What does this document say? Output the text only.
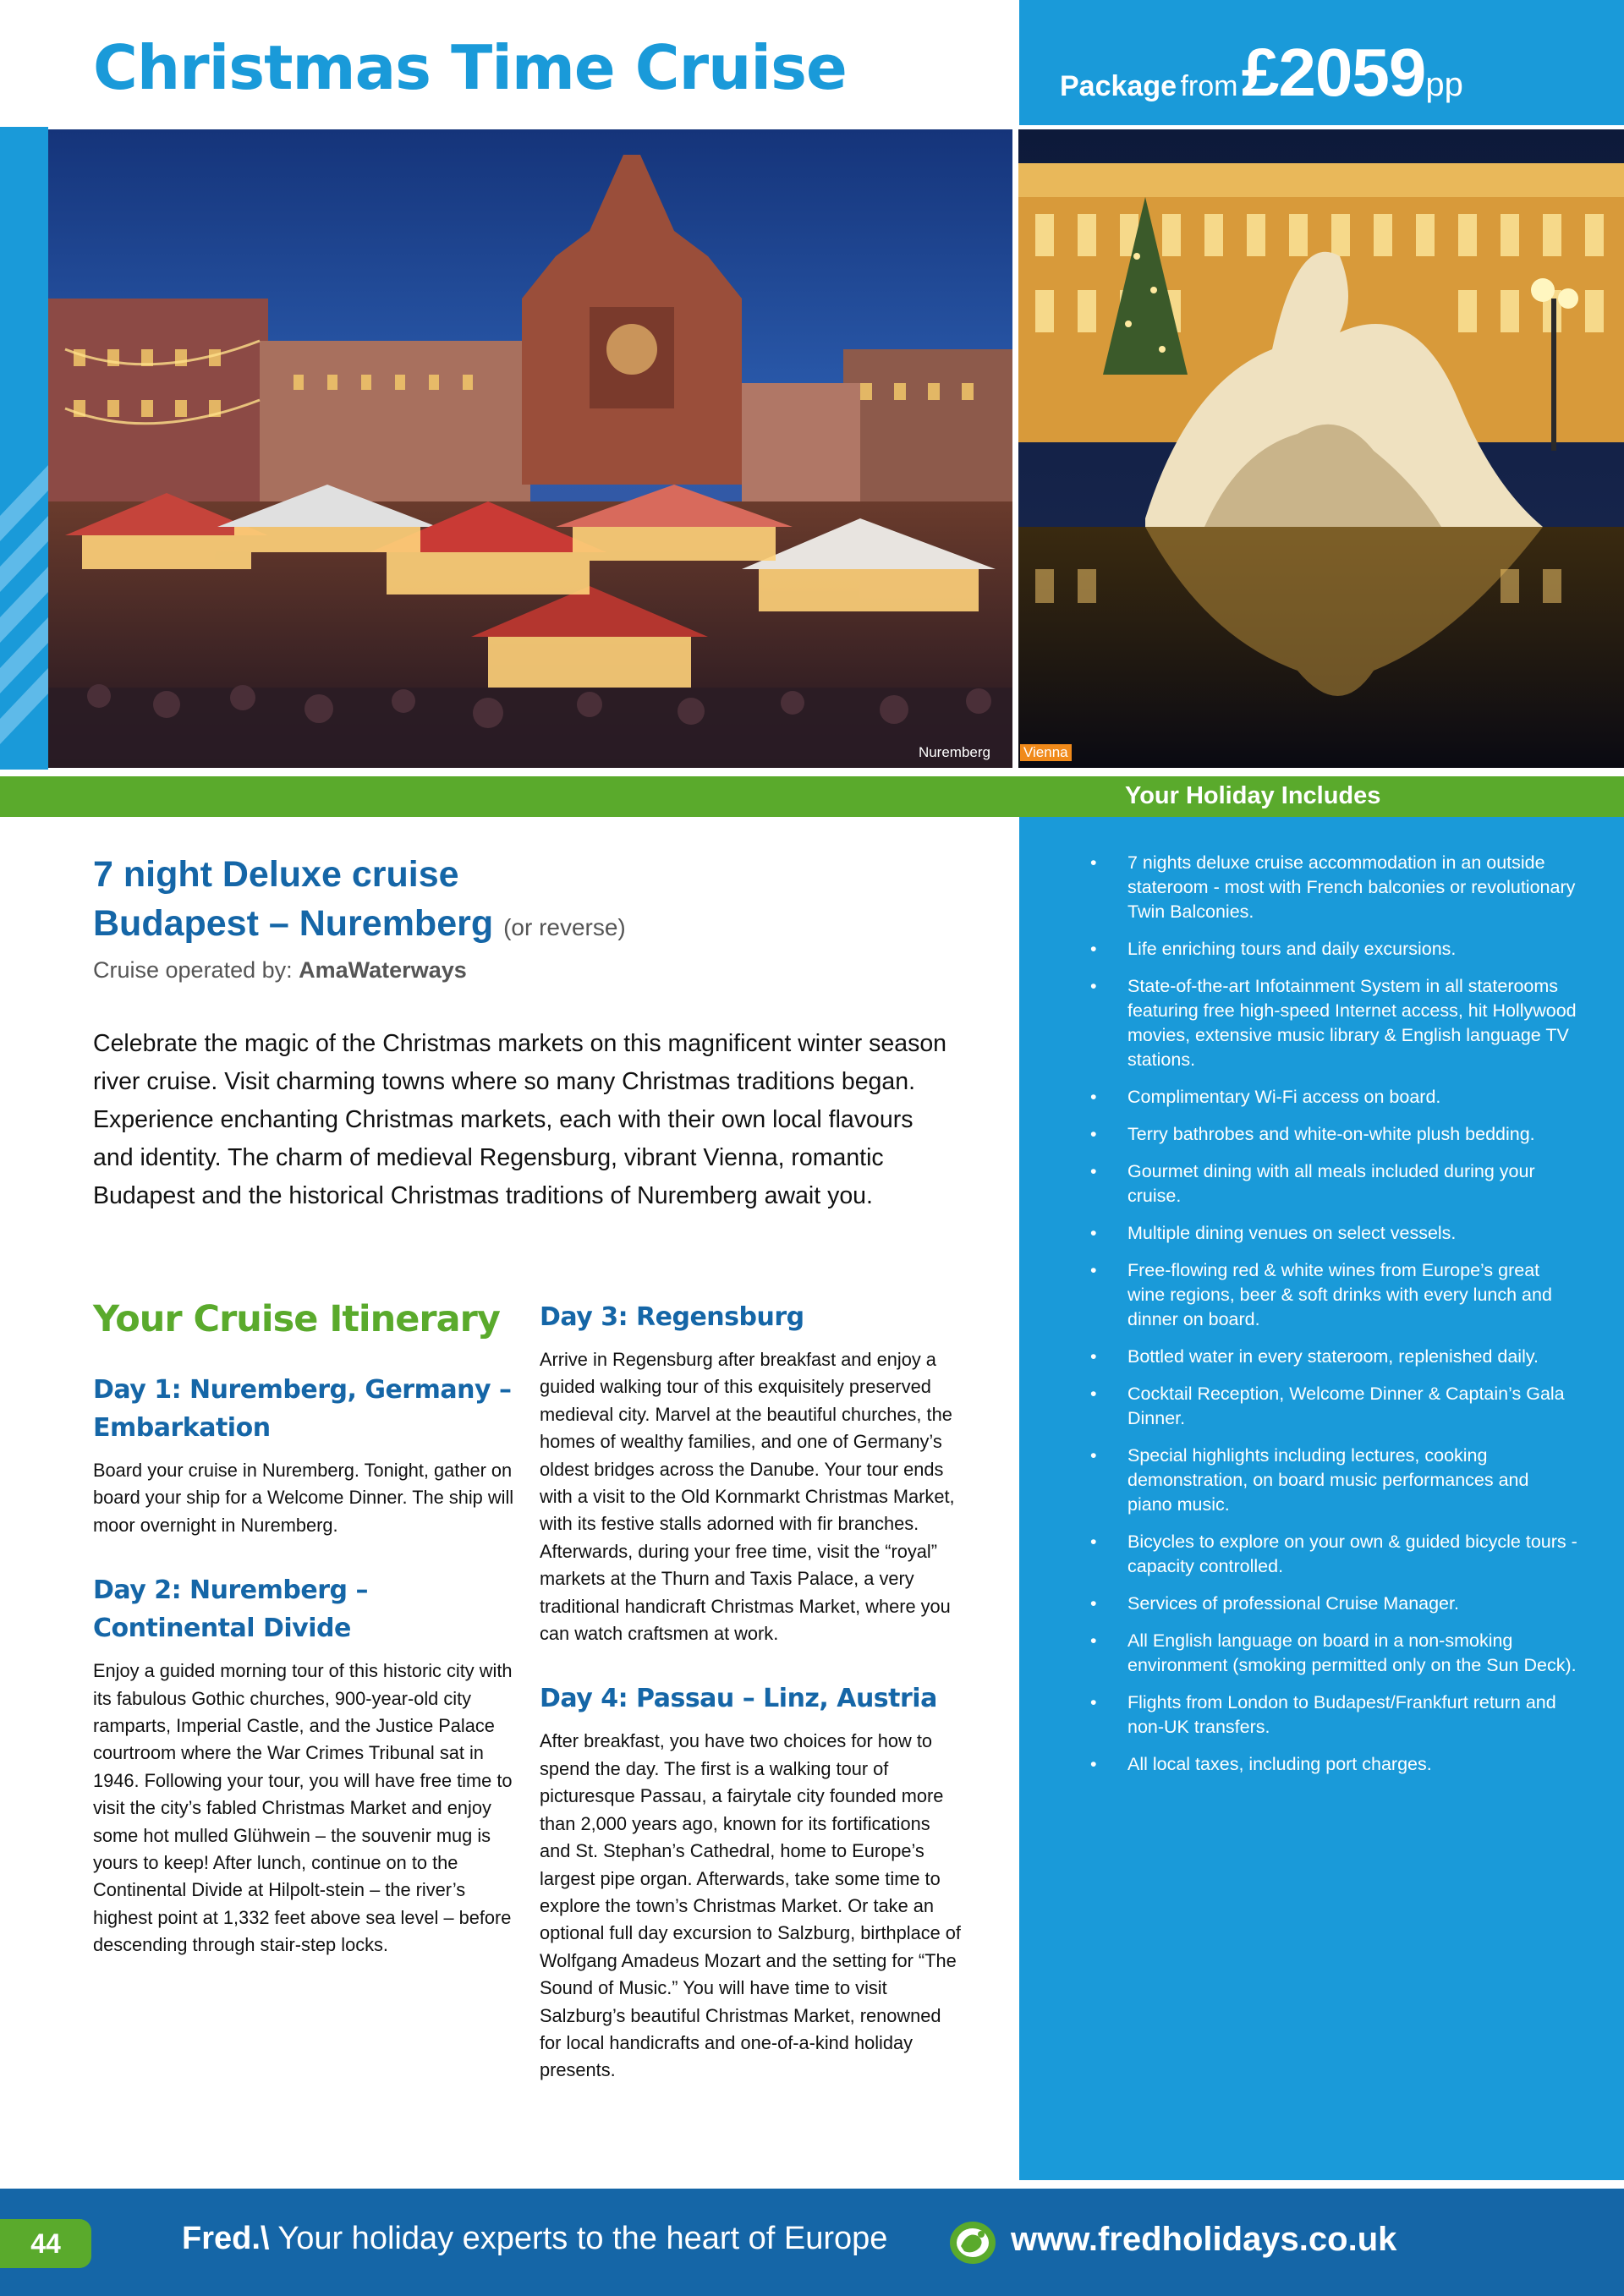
Christmas Time Cruise	Package from £2059pp
Nuremberg Vienna
Your Holiday Includes
• 7 nights deluxe cruise accommodation in an outside stateroom - most with French balconies or revolutionary Twin Balconies.
• Life enriching tours and daily excursions.
• State-of-the-art Infotainment System in all staterooms featuring free high-speed Internet access, hit Hollywood movies, extensive music library & English language TV stations.
• Complimentary Wi-Fi access on board.
• Terry bathrobes and white-on-white plush bedding.
• Gourmet dining with all meals included during your cruise.
• Multiple dining venues on select vessels.
• Free-flowing red & white wines from Europe’s great wine regions, beer & soft drinks with every lunch and dinner on board.
• Bottled water in every stateroom, replenished daily.
• Cocktail Reception, Welcome Dinner & Captain’s Gala Dinner.
• Special highlights including lectures, cooking demonstration, on board music performances and piano music.
• Bicycles to explore on your own & guided bicycle tours - capacity controlled.
• Services of professional Cruise Manager.
• All English language on board in a non-smoking environment (smoking permitted only on the Sun Deck).
• Flights from London to Budapest/Frankfurt return and non-UK transfers.
• All local taxes, including port charges.
7 night Deluxe cruise
Budapest – Nuremberg (or reverse)
Cruise operated by: AmaWaterways
Celebrate the magic of the Christmas markets on this magnificent winter season river cruise. Visit charming towns where so many Christmas traditions began. Experience enchanting Christmas markets, each with their own local flavours and identity. The charm of medieval Regensburg, vibrant Vienna, romantic Budapest and the historical Christmas traditions of Nuremberg await you.
Your Cruise Itinerary
Day 1: Nuremberg, Germany – Embarkation

Board your cruise in Nuremberg. Tonight, gather on board your ship for a Welcome Dinner. The ship will moor overnight in Nuremberg.

Day 2: Nuremberg – Continental Divide

Enjoy a guided morning tour of this historic city with its fabulous Gothic churches, 900-year-old city ramparts, Imperial Castle, and the Justice Palace courtroom where the War Crimes Tribunal sat in 1946. Following your tour, you will have free time to visit the city’s fabled Christmas Market and enjoy some hot mulled Glühwein – the souvenir mug is yours to keep! After lunch, continue on to the Continental Divide at Hilpolt-stein – the river’s highest point at 1,332 feet above sea level – before descending through stair-step locks.

Day 3: Regensburg

Arrive in Regensburg after breakfast and enjoy a guided walking tour of this exquisitely preserved medieval city. Marvel at the beautiful churches, the homes of wealthy families, and one of Germany’s oldest bridges across the Danube. Your tour ends with a visit to the Old Kornmarkt Christmas Market, with its festive stalls adorned with fir branches. Afterwards, during your free time, visit the “royal” markets at the Thurn and Taxis Palace, a very traditional handicraft Christmas Market, where you can watch craftsmen at work.

Day 4: Passau – Linz, Austria

After breakfast, you have two choices for how to spend the day. The first is a walking tour of picturesque Passau, a fairytale city founded more than 2,000 years ago, known for its fortifications and St. Stephan’s Cathedral, home to Europe’s largest pipe organ. Afterwards, take some time to explore the town’s Christmas Market. Or take an optional full day excursion to Salzburg, birthplace of Wolfgang Amadeus Mozart and the setting for “The Sound of Music.” You will have time to visit Salzburg’s beautiful Christmas Market, renowned for local handicrafts and one-of-a-kind holiday presents.

44	Fred.\ Your holiday experts to the heart of Europe	www.fredholidays.co.uk
